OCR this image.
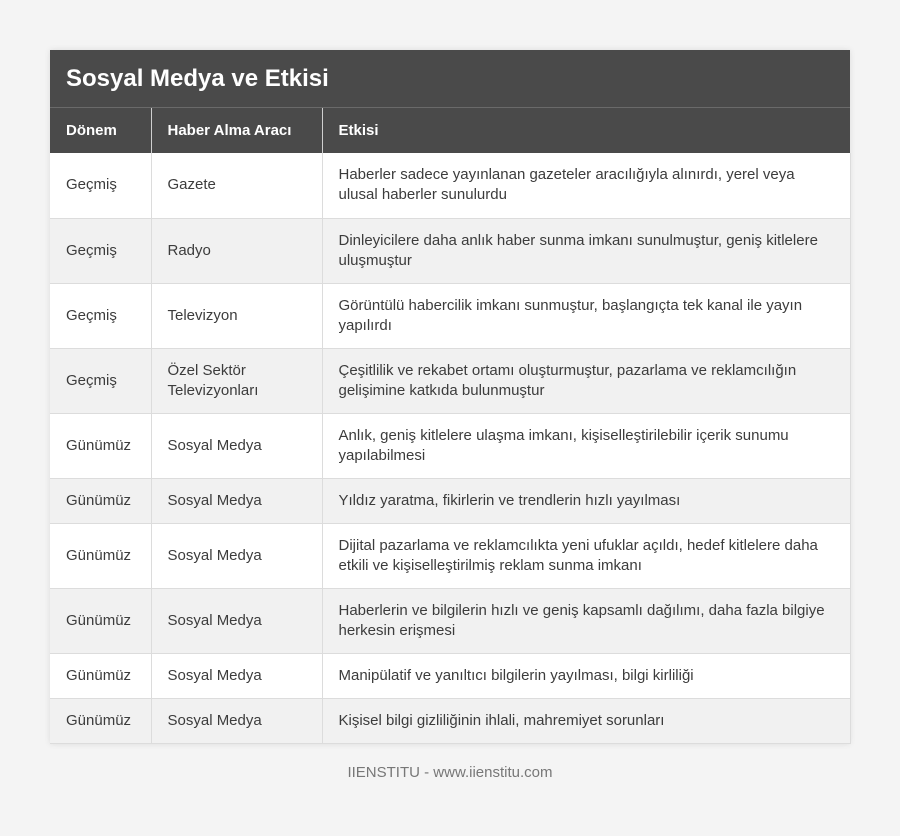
Sosyal Medya ve Etkisi
Dönem	Haber Alma Aracı	Etkisi
Geçmiş	Gazete	Haberler sadece yayınlanan gazeteler aracılığıyla alınırdı, yerel veya ulusal haberler sunulurdu
Geçmiş	Radyo	Dinleyicilere daha anlık haber sunma imkanı sunulmuştur, geniş kitlelere uluşmuştur
Geçmiş	Televizyon	Görüntülü habercilik imkanı sunmuştur, başlangıçta tek kanal ile yayın yapılırdı
Geçmiş	Özel Sektör Televizyonları	Çeşitlilik ve rekabet ortamı oluşturmuştur, pazarlama ve reklamcılığın gelişimine katkıda bulunmuştur
Günümüz	Sosyal Medya	Anlık, geniş kitlelere ulaşma imkanı, kişiselleştirilebilir içerik sunumu yapılabilmesi
Günümüz	Sosyal Medya	Yıldız yaratma, fikirlerin ve trendlerin hızlı yayılması
Günümüz	Sosyal Medya	Dijital pazarlama ve reklamcılıkta yeni ufuklar açıldı, hedef kitlelere daha etkili ve kişiselleştirilmiş reklam sunma imkanı
Günümüz	Sosyal Medya	Haberlerin ve bilgilerin hızlı ve geniş kapsamlı dağılımı, daha fazla bilgiye herkesin erişmesi
Günümüz	Sosyal Medya	Manipülatif ve yanıltıcı bilgilerin yayılması, bilgi kirliliği
Günümüz	Sosyal Medya	Kişisel bilgi gizliliğinin ihlali, mahremiyet sorunları
IIENSTITU - www.iienstitu.com
